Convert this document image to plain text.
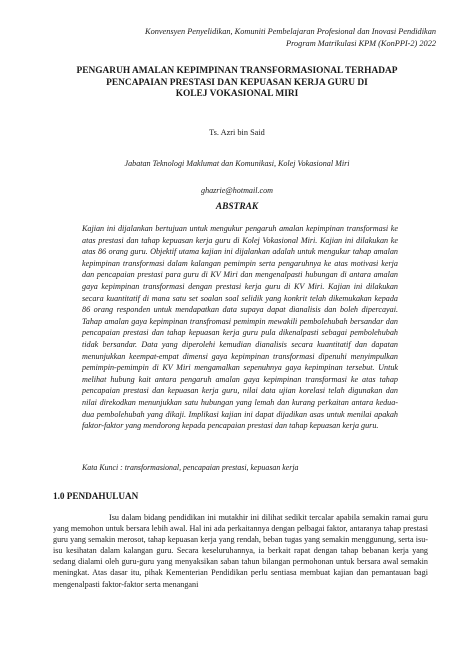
Konvensyen Penyelidikan, Komuniti Pembelajaran Profesional dan Inovasi Pendidikan
Program Matrikulasi KPM (KonPPI-2) 2022
PENGARUH AMALAN KEPIMPINAN TRANSFORMASIONAL TERHADAP
PENCAPAIAN PRESTASI DAN KEPUASAN KERJA GURU DI
KOLEJ VOKASIONAL MIRI
Ts. Azri bin Said
Jabatan Teknologi Maklumat dan Komunikasi, Kolej Vokasional Miri
ghazrie@hotmail.com
ABSTRAK
Kajian ini dijalankan bertujuan untuk mengukur pengaruh amalan kepimpinan transformasi ke atas prestasi dan tahap kepuasan kerja guru di Kolej Vokasional Miri. Kajian ini dilakukan ke atas 86 orang guru. Objektif utama kajian ini dijalankan adalah untuk mengukur tahap amalan kepimpinan transformasi dalam kalangan pemimpin serta pengaruhnya ke atas motivasi kerja dan pencapaian prestasi para guru di KV Miri dan mengenalpasti hubungan di antara amalan gaya kepimpinan transformasi dengan prestasi kerja guru di KV Miri. Kajian ini dilakukan secara kuantitatif di mana satu set soalan soal selidik yang konkrit telah dikemukakan kepada 86 orang responden untuk mendapatkan data supaya dapat dianalisis dan boleh dipercayai. Tahap amalan gaya kepimpinan transfromasi pemimpin mewakili pembolehubah bersandar dan pencapaian prestasi dan tahap kepuasan kerja guru pula dikenalpasti sebagai pembolehubah tidak bersandar. Data yang diperolehi kemudian dianalisis secara kuantitatif dan dapatan menunjukkan keempat-empat dimensi gaya kepimpinan transformasi dipenuhi menyimpulkan pemimpin-pemimpin di KV Miri mengamalkan sepenuhnya gaya kepimpinan tersebut. Untuk melihat hubung kait antara pengaruh amalan gaya kepimpinan transformasi ke atas tahap pencapaian prestasi dan kepuasan kerja guru, nilai data ujian korelasi telah digunakan dan nilai direkodkan menunjukkan satu hubungan yang lemah dan kurang perkaitan antara kedua-dua pembolehubah yang dikaji. Implikasi kajian ini dapat dijadikan asas untuk menilai apakah faktor-faktor yang mendorong kepada pencapaian prestasi dan tahap kepuasan kerja guru.
Kata Kunci : transformasional, pencapaian prestasi, kepuasan kerja
1.0 PENDAHULUAN
Isu dalam bidang pendidikan ini mutakhir ini dilihat sedikit tercalar apabila semakin ramai guru yang memohon untuk bersara lebih awal. Hal ini ada perkaitannya dengan pelbagai faktor, antaranya tahap prestasi guru yang semakin merosot, tahap kepuasan kerja yang rendah, beban tugas yang semakin menggunung, serta isu-isu kesihatan dalam kalangan guru. Secara keseluruhannya, ia berkait rapat dengan tahap bebanan kerja yang sedang dialami oleh guru-guru yang menyaksikan saban tahun bilangan permohonan untuk bersara awal semakin meningkat. Atas dasar itu, pihak Kementerian Pendidikan perlu sentiasa membuat kajian dan pemantauan bagi mengenalpasti faktor-faktor serta menangani
